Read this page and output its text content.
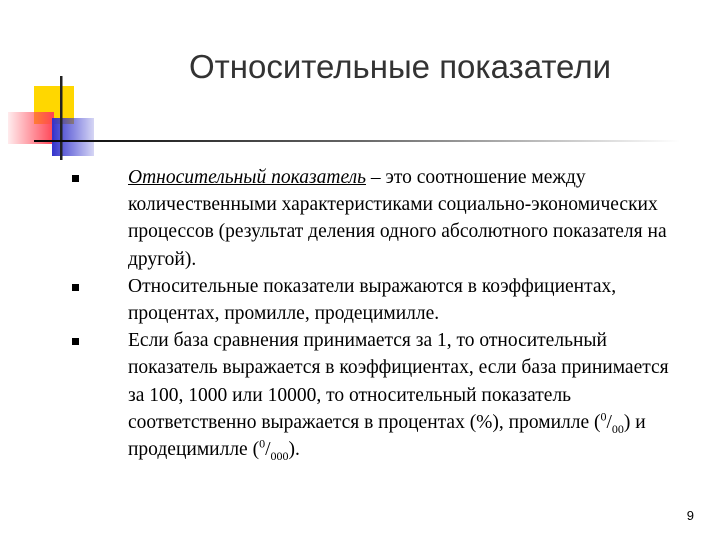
Относительные показатели
Относительный показатель – это соотношение между количественными характеристиками социально-экономических процессов (результат деления одного абсолютного показателя на другой).
Относительные показатели выражаются в коэффициентах, процентах, промилле, продецимилле.
Если база сравнения принимается за 1, то относительный показатель выражается в коэффициентах, если база принимается за 100, 1000 или 10000, то относительный показатель соответственно выражается в процентах (%), промилле $(^0/_{00})$ и продецимилле $(^0/_{000})$.
9
